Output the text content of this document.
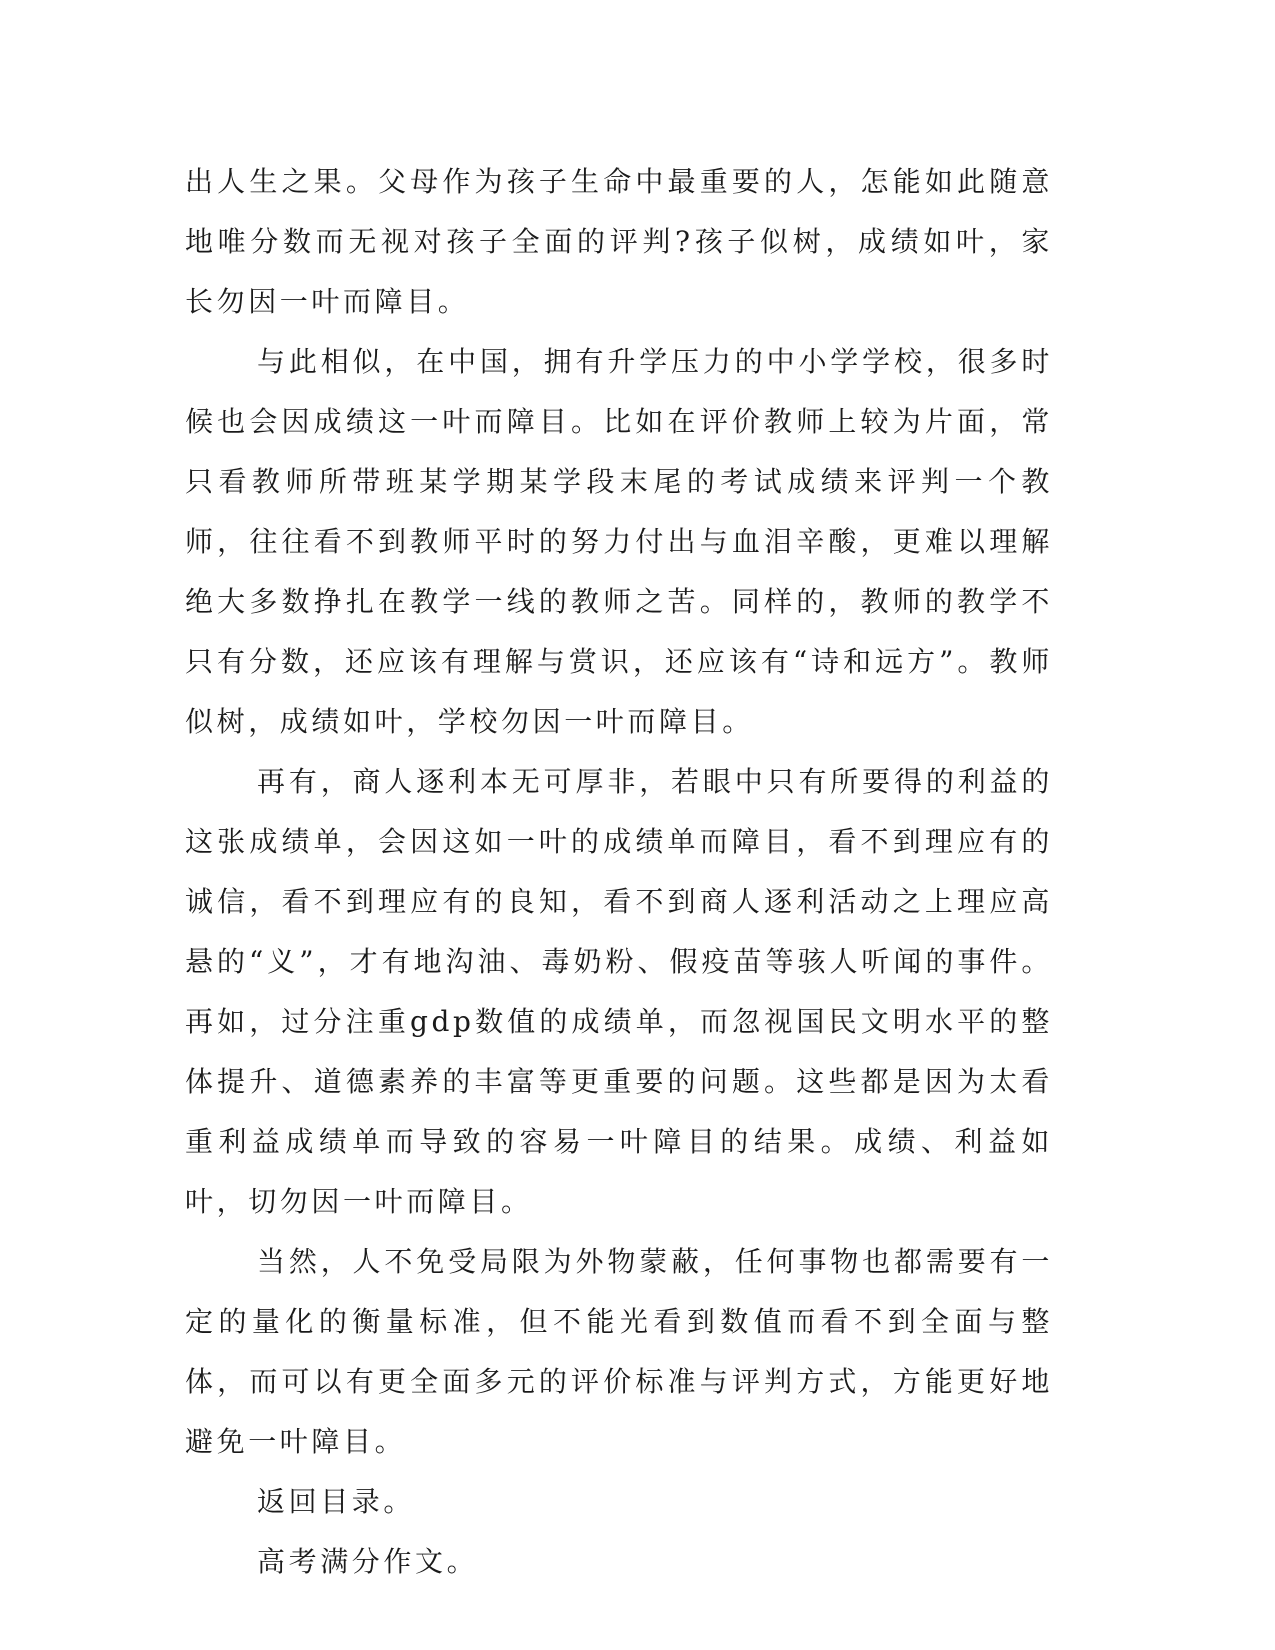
出人生之果。父母作为孩子生命中最重要的人，怎能如此随意地唯分数而无视对孩子全面的评判?孩子似树，成绩如叶，家长勿因一叶而障目。

与此相似，在中国，拥有升学压力的中小学学校，很多时候也会因成绩这一叶而障目。比如在评价教师上较为片面，常只看教师所带班某学期某学段末尾的考试成绩来评判一个教师，往往看不到教师平时的努力付出与血泪辛酸，更难以理解绝大多数挣扎在教学一线的教师之苦。同样的，教师的教学不只有分数，还应该有理解与赏识，还应该有“诗和远方”。教师似树，成绩如叶，学校勿因一叶而障目。

再有，商人逐利本无可厚非，若眼中只有所要得的利益的这张成绩单，会因这如一叶的成绩单而障目，看不到理应有的诚信，看不到理应有的良知，看不到商人逐利活动之上理应高悬的“义”，才有地沟油、毒奶粉、假疫苗等骇人听闻的事件。再如，过分注重gdp数值的成绩单，而忽视国民文明水平的整体提升、道德素养的丰富等更重要的问题。这些都是因为太看重利益成绩单而导致的容易一叶障目的结果。成绩、利益如叶，切勿因一叶而障目。

当然，人不免受局限为外物蒙蔽，任何事物也都需要有一定的量化的衡量标准，但不能光看到数值而看不到全面与整体，而可以有更全面多元的评价标准与评判方式，方能更好地避免一叶障目。

返回目录。

高考满分作文。
